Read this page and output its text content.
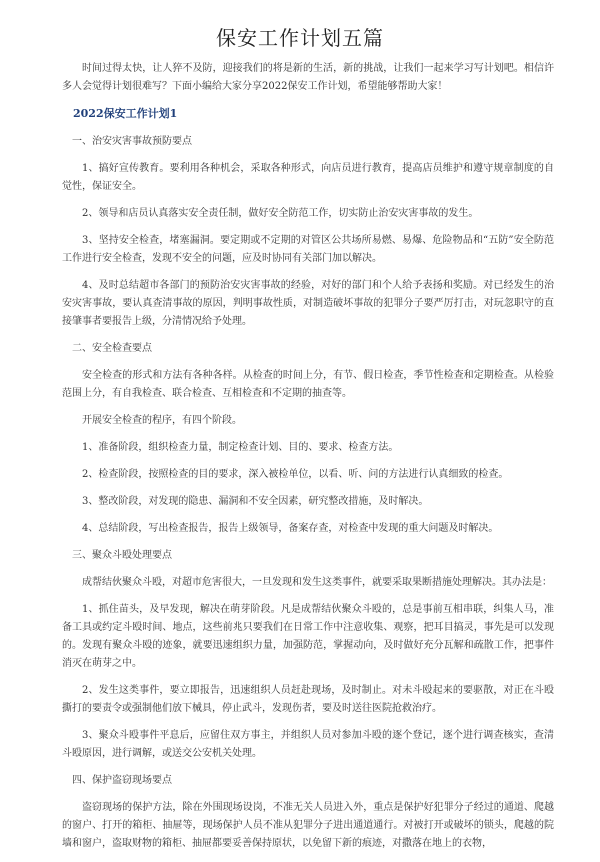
保安工作计划五篇

时间过得太快，让人猝不及防，迎接我们的将是新的生活，新的挑战，让我们一起来学习写计划吧。相信许多人会觉得计划很难写？下面小编给大家分享2022保安工作计划，希望能够帮助大家！

2022保安工作计划1

一、治安灾害事故预防要点

1、搞好宣传教育。要利用各种机会，采取各种形式，向店员进行教育，提高店员维护和遵守规章制度的自觉性，保证安全。

2、领导和店员认真落实安全责任制，做好安全防范工作，切实防止治安灾害事故的发生。

3、坚持安全检查，堵塞漏洞。要定期或不定期的对管区公共场所易燃、易爆、危险物品和“五防”安全防范工作进行安全检查，发现不安全的问题，应及时协同有关部门加以解决。

4、及时总结超市各部门的预防治安灾害事故的经验，对好的部门和个人给予表扬和奖励。对已经发生的治安灾害事故，要认真查清事故的原因，判明事故性质，对制造破坏事故的犯罪分子要严厉打击，对玩忽职守的直接肇事者要报告上级，分清情况给予处理。

二、安全检查要点

安全检查的形式和方法有各种各样。从检查的时间上分，有节、假日检查，季节性检查和定期检查。从检验范围上分，有自我检查、联合检查、互相检查和不定期的抽查等。

开展安全检查的程序，有四个阶段。

1、准备阶段，组织检查力量，制定检查计划、目的、要求、检查方法。

2、检查阶段，按照检查的目的要求，深入被检单位，以看、听、问的方法进行认真细致的检查。

3、整改阶段，对发现的隐患、漏洞和不安全因素，研究整改措施，及时解决。

4、总结阶段，写出检查报告，报告上级领导，备案存查，对检查中发现的重大问题及时解决。

三、聚众斗殴处理要点

成帮结伙聚众斗殴，对超市危害很大，一旦发现和发生这类事件，就要采取果断措施处理解决。其办法是：

1、抓住苗头，及早发现，解决在萌芽阶段。凡是成帮结伙聚众斗殴的，总是事前互相串联，纠集人马，准备工具或约定斗殴时间、地点，这些前兆只要我们在日常工作中注意收集、观察，把耳目搞灵，事先是可以发现的。发现有聚众斗殴的迹象，就要迅速组织力量，加强防范，掌握动向，及时做好充分瓦解和疏散工作，把事件消灭在萌芽之中。

2、发生这类事件，要立即报告，迅速组织人员赶赴现场，及时制止。对未斗殴起来的要驱散，对正在斗殴撕打的要责令或强制他们放下械具，停止武斗，发现伤者，要及时送往医院抢救治疗。

3、聚众斗殴事件平息后，应留住双方事主，并组织人员对参加斗殴的逐个登记，逐个进行调查核实，查清斗殴原因，进行调解，或送交公安机关处理。

四、保护盗窃现场要点

盗窃现场的保护方法，除在外围现场设岗，不准无关人员进入外，重点是保护好犯罪分子经过的通道、爬越的窗户、打开的箱柜、抽屉等，现场保护人员不准从犯罪分子进出通道通行。对被打开或破坏的锁头，爬越的院墙和窗户，盗取财物的箱柜、抽屉都要妥善保持原状，以免留下新的痕迹，对撒落在地上的衣物，
